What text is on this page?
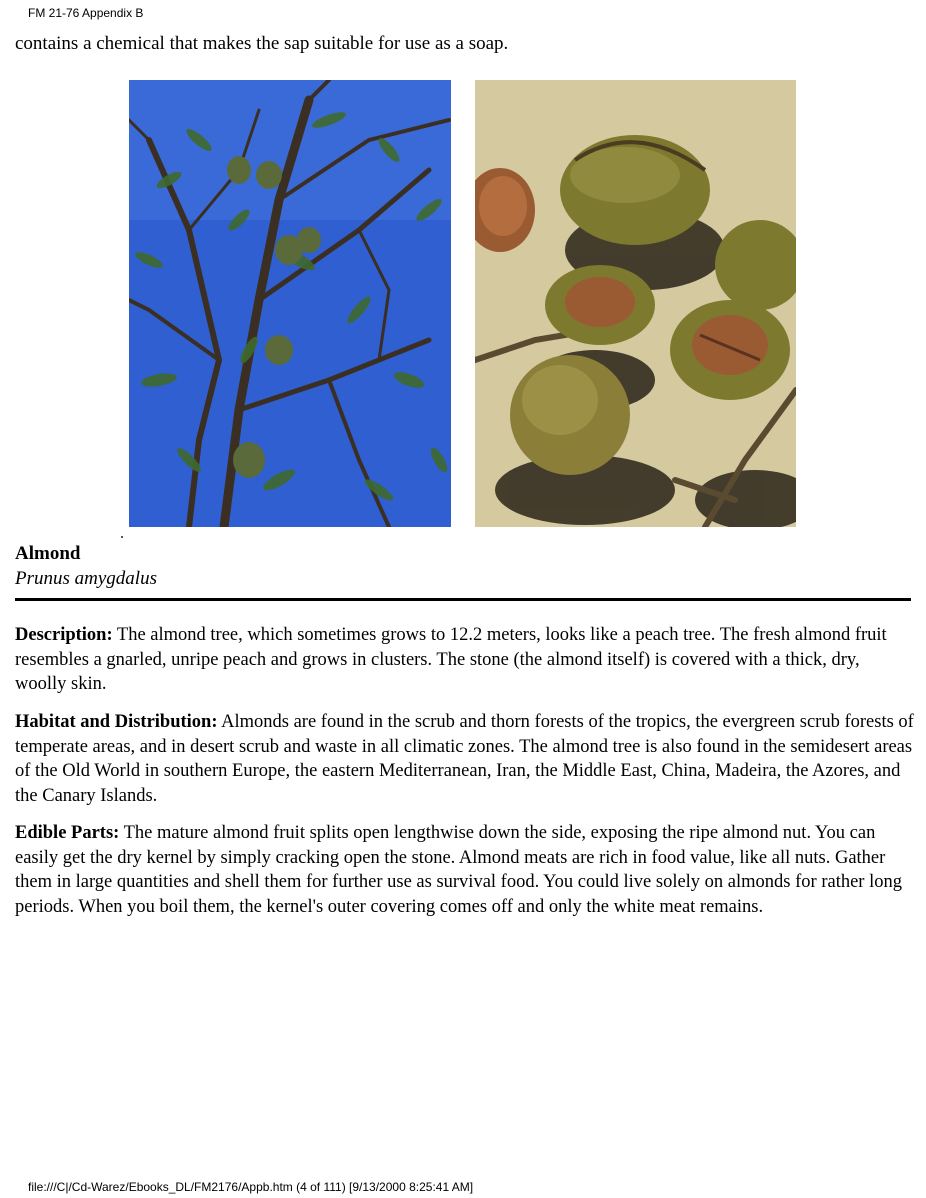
FM 21-76 Appendix B
contains a chemical that makes the sap suitable for use as a soap.
Almond
Prunus amygdalus

Description: The almond tree, which sometimes grows to 12.2 meters, looks like a peach tree. The fresh almond fruit resembles a gnarled, unripe peach and grows in clusters. The stone (the almond itself) is covered with a thick, dry, woolly skin.

Habitat and Distribution: Almonds are found in the scrub and thorn forests of the tropics, the evergreen scrub forests of temperate areas, and in desert scrub and waste in all climatic zones. The almond tree is also found in the semidesert areas of the Old World in southern Europe, the eastern Mediterranean, Iran, the Middle East, China, Madeira, the Azores, and the Canary Islands.

Edible Parts: The mature almond fruit splits open lengthwise down the side, exposing the ripe almond nut. You can easily get the dry kernel by simply cracking open the stone. Almond meats are rich in food value, like all nuts. Gather them in large quantities and shell them for further use as survival food. You could live solely on almonds for rather long periods. When you boil them, the kernel's outer covering comes off and only the white meat remains.

file:///C|/Cd-Warez/Ebooks_DL/FM2176/Appb.htm (4 of 111) [9/13/2000 8:25:41 AM]
